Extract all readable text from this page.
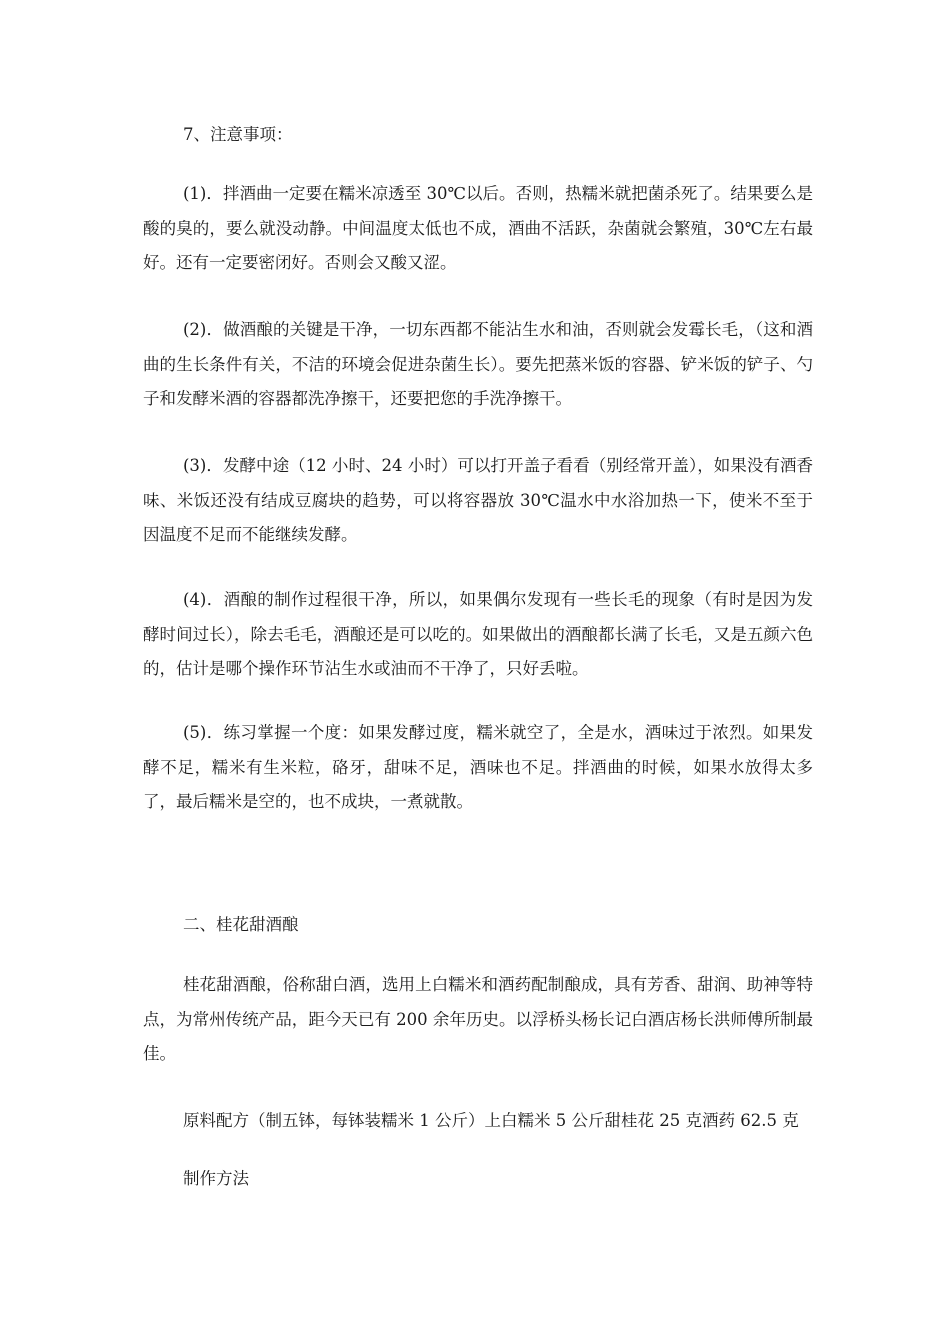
7、注意事项：
(1)．拌酒曲一定要在糯米凉透至 30℃以后。否则，热糯米就把菌杀死了。结果要么是酸的臭的，要么就没动静。中间温度太低也不成，酒曲不活跃，杂菌就会繁殖，30℃左右最好。还有一定要密闭好。否则会又酸又涩。
(2)．做酒酿的关键是干净，一切东西都不能沾生水和油，否则就会发霉长毛，（这和酒曲的生长条件有关，不洁的环境会促进杂菌生长）。要先把蒸米饭的容器、铲米饭的铲子、勺子和发酵米酒的容器都洗净擦干，还要把您的手洗净擦干。
(3)．发酵中途（12 小时、24 小时）可以打开盖子看看（别经常开盖），如果没有酒香味、米饭还没有结成豆腐块的趋势，可以将容器放 30℃温水中水浴加热一下，使米不至于因温度不足而不能继续发酵。
(4)．酒酿的制作过程很干净，所以，如果偶尔发现有一些长毛的现象（有时是因为发酵时间过长），除去毛毛，酒酿还是可以吃的。如果做出的酒酿都长满了长毛，又是五颜六色的，估计是哪个操作环节沾生水或油而不干净了，只好丢啦。
(5)．练习掌握一个度：如果发酵过度，糯米就空了，全是水，酒味过于浓烈。如果发酵不足，糯米有生米粒，硌牙，甜味不足，酒味也不足。拌酒曲的时候，如果水放得太多了，最后糯米是空的，也不成块，一煮就散。
二、桂花甜酒酿
桂花甜酒酿，俗称甜白酒，选用上白糯米和酒药配制酿成，具有芳香、甜润、助神等特点，为常州传统产品，距今天已有 200 余年历史。以浮桥头杨长记白酒店杨长洪师傅所制最佳。
原料配方（制五钵，每钵装糯米 1 公斤）上白糯米 5 公斤甜桂花 25 克酒药 62.5 克
制作方法
